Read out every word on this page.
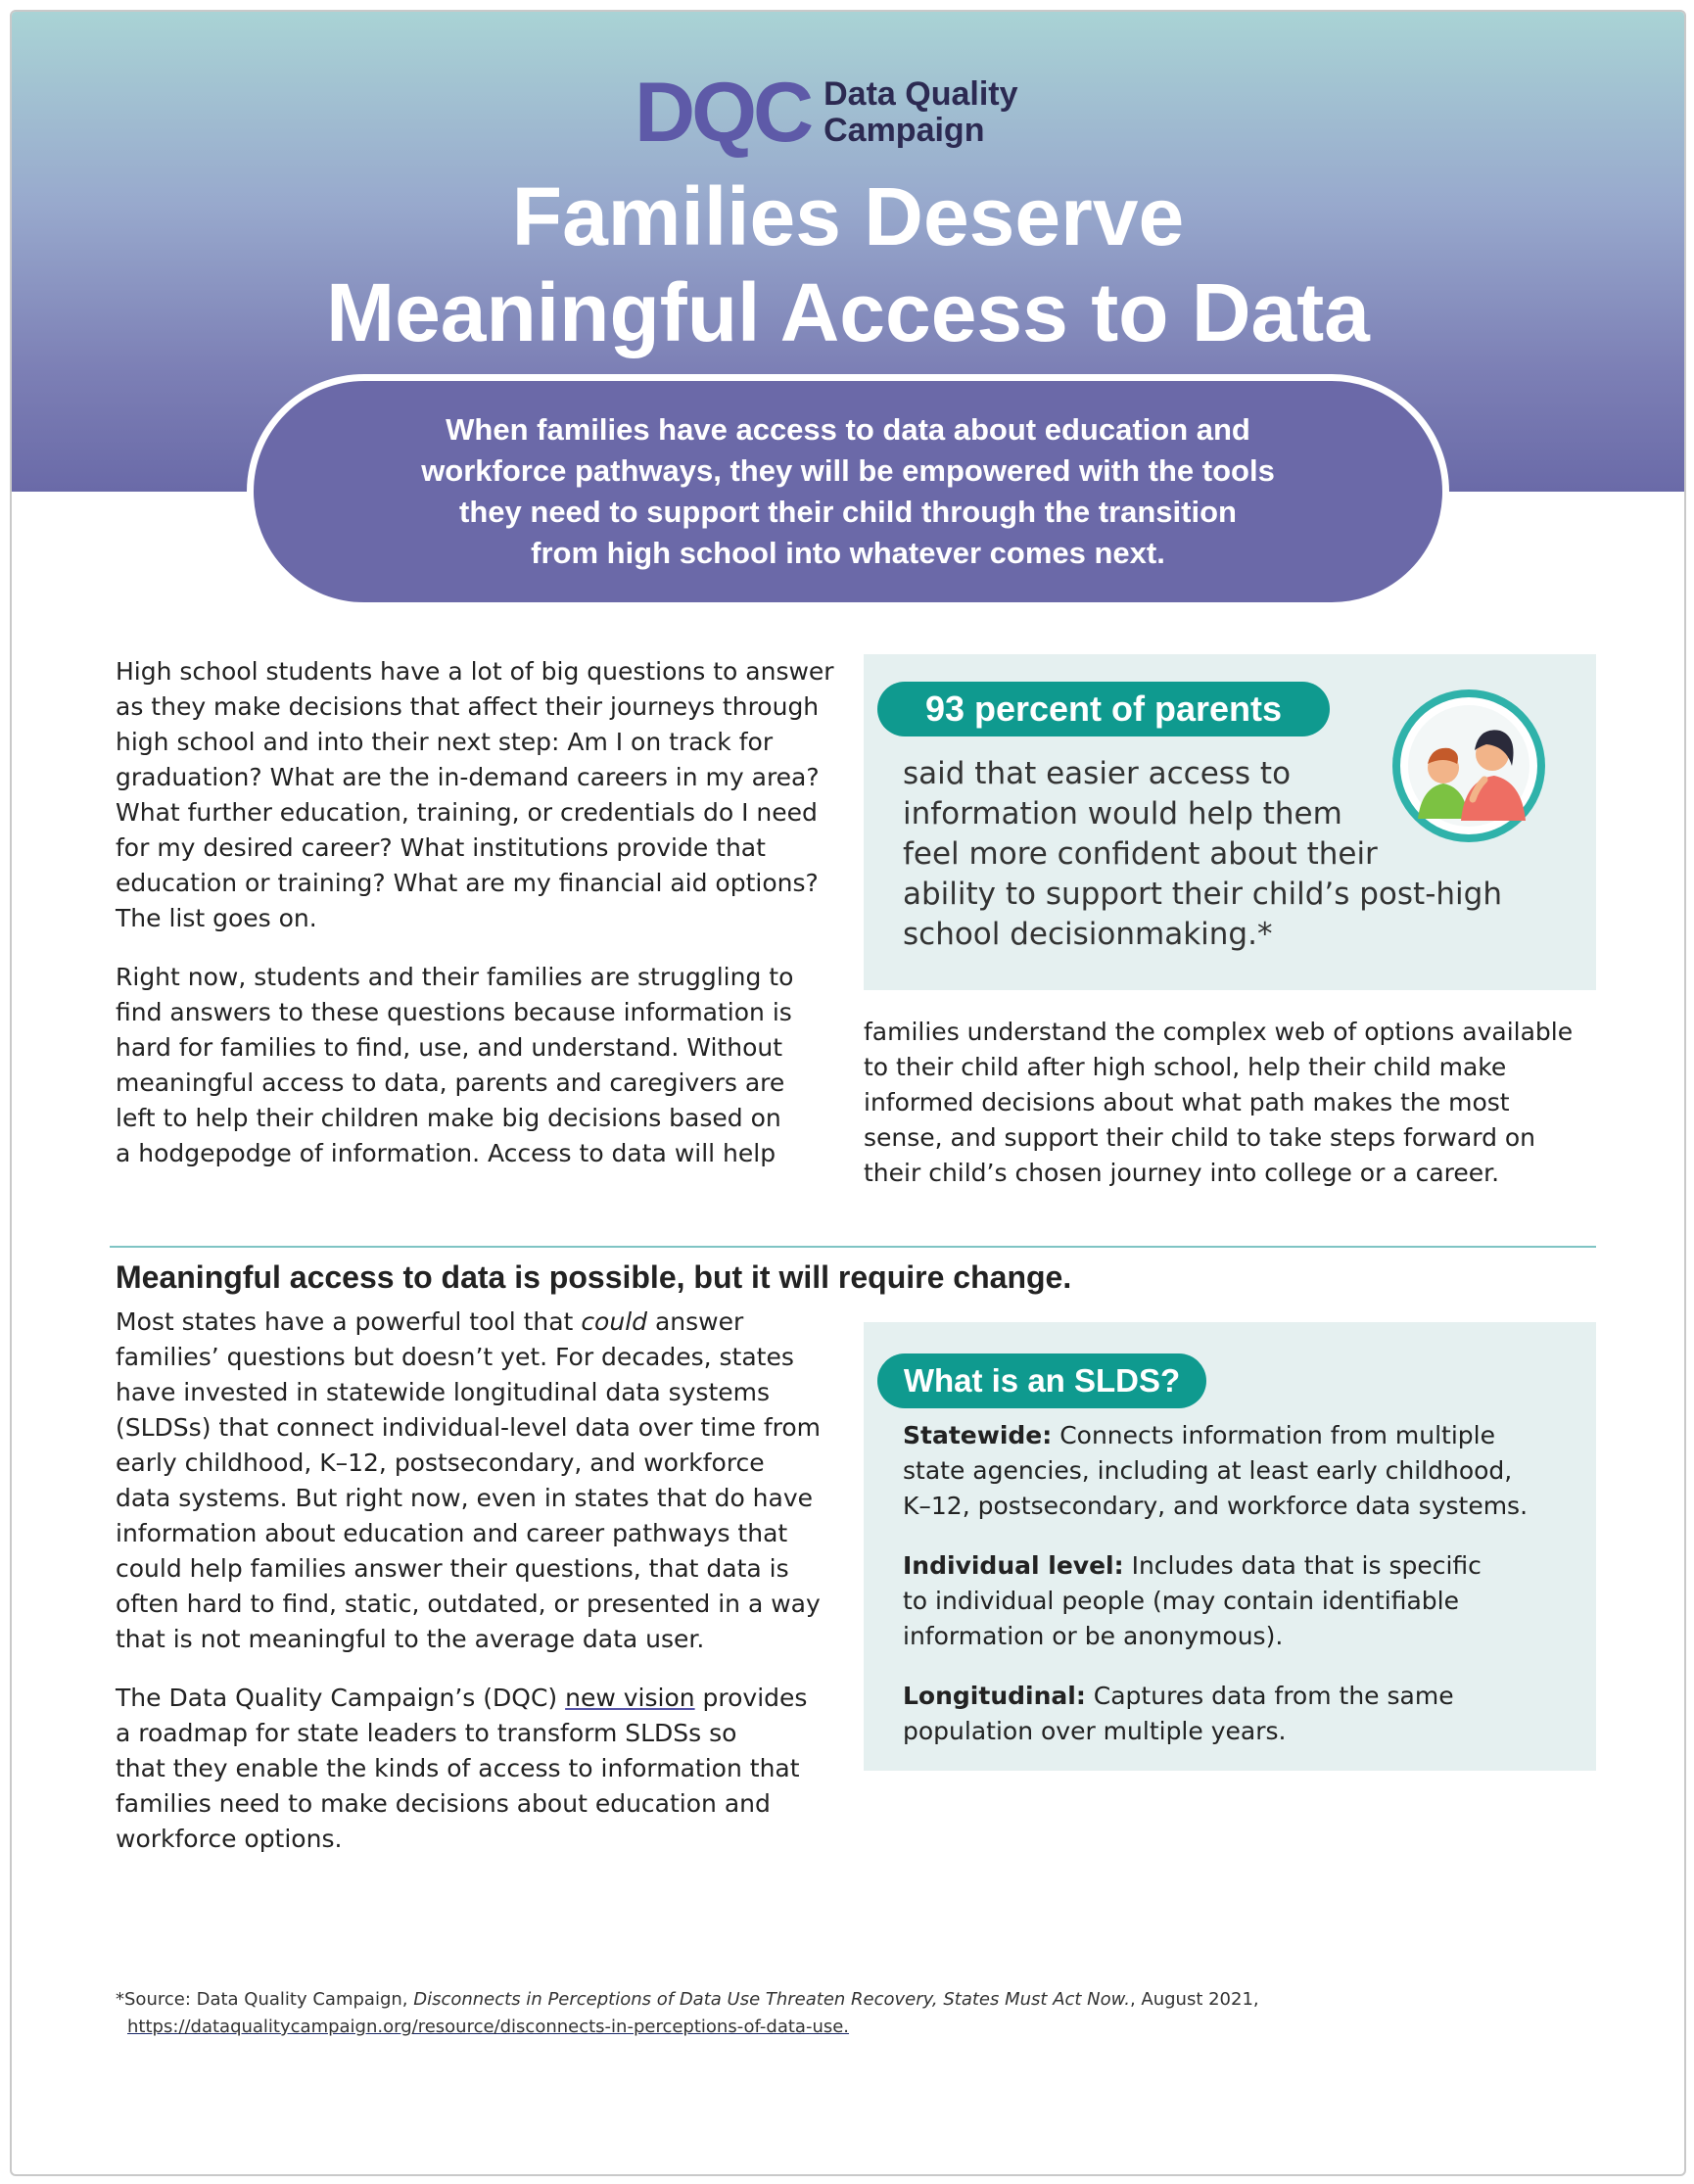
DQC Data Quality
Campaign
Families Deserve
Meaningful Access to Data
When families have access to data about education and
workforce pathways, they will be empowered with the tools
they need to support their child through the transition
from high school into whatever comes next.

High school students have a lot of big questions to answer
as they make decisions that affect their journeys through
high school and into their next step: Am I on track for
graduation? What are the in-demand careers in my area?
What further education, training, or credentials do I need
for my desired career? What institutions provide that
education or training? What are my financial aid options?
The list goes on.

Right now, students and their families are struggling to
find answers to these questions because information is
hard for families to find, use, and understand. Without
meaningful access to data, parents and caregivers are
left to help their children make big decisions based on
a hodgepodge of information. Access to data will help

93 percent of parents
said that easier access to
information would help them
feel more confident about their
ability to support their child’s post-high
school decisionmaking.*

families understand the complex web of options available
to their child after high school, help their child make
informed decisions about what path makes the most
sense, and support their child to take steps forward on
their child’s chosen journey into college or a career.

Meaningful access to data is possible, but it will require change.

Most states have a powerful tool that could answer
families’ questions but doesn’t yet. For decades, states
have invested in statewide longitudinal data systems
(SLDSs) that connect individual-level data over time from
early childhood, K–12, postsecondary, and workforce
data systems. But right now, even in states that do have
information about education and career pathways that
could help families answer their questions, that data is
often hard to find, static, outdated, or presented in a way
that is not meaningful to the average data user.

The Data Quality Campaign’s (DQC) new vision provides
a roadmap for state leaders to transform SLDSs so
that they enable the kinds of access to information that
families need to make decisions about education and
workforce options.

What is an SLDS?

Statewide: Connects information from multiple
state agencies, including at least early childhood,
K–12, postsecondary, and workforce data systems.

Individual level: Includes data that is specific
to individual people (may contain identifiable
information or be anonymous).

Longitudinal: Captures data from the same
population over multiple years.

*Source: Data Quality Campaign, Disconnects in Perceptions of Data Use Threaten Recovery, States Must Act Now., August 2021,
https://dataqualitycampaign.org/resource/disconnects-in-perceptions-of-data-use.
